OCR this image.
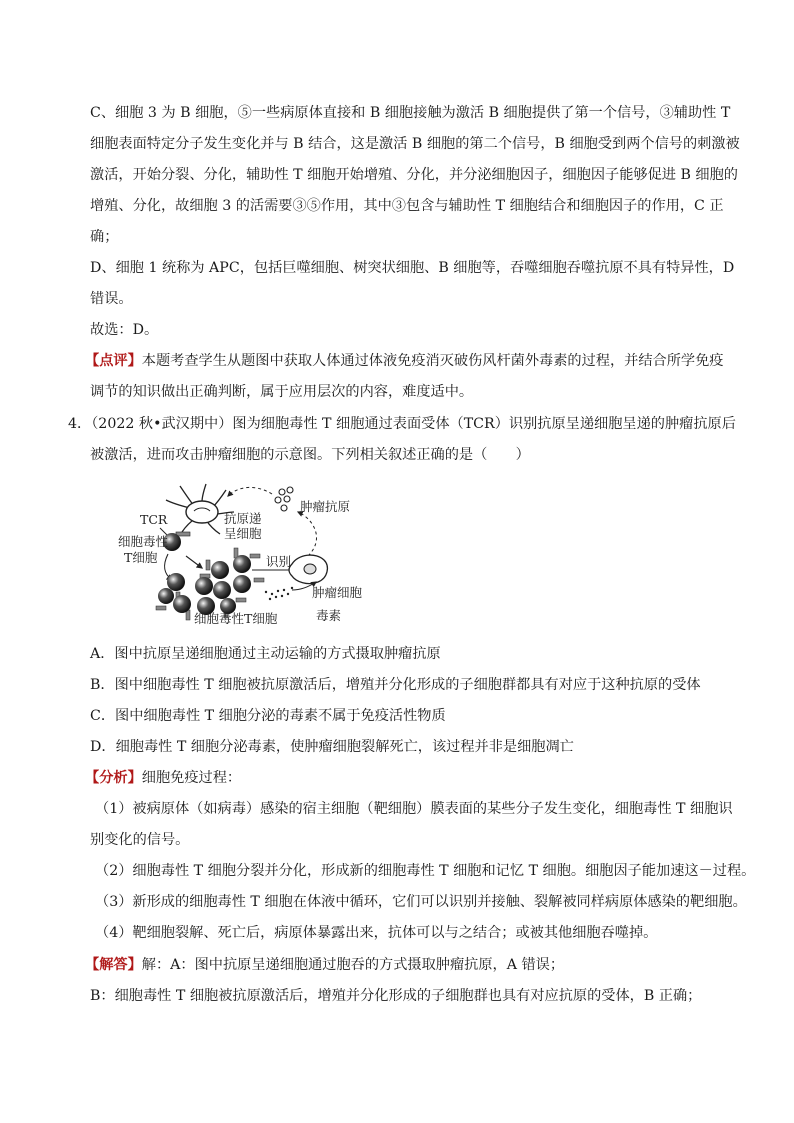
C、细胞 3 为 B 细胞，⑤一些病原体直接和 B 细胞接触为激活 B 细胞提供了第一个信号，③辅助性 T
细胞表面特定分子发生变化并与 B 结合，这是激活 B 细胞的第二个信号，B 细胞受到两个信号的刺激被
激活，开始分裂、分化，辅助性 T 细胞开始增殖、分化，并分泌细胞因子，细胞因子能够促进 B 细胞的
增殖、分化，故细胞 3 的活需要③⑤作用，其中③包含与辅助性 T 细胞结合和细胞因子的作用，C 正
确；
D、细胞 1 统称为 APC，包括巨噬细胞、树突状细胞、B 细胞等，吞噬细胞吞噬抗原不具有特异性，D
错误。
故选：D。
【点评】本题考查学生从题图中获取人体通过体液免疫消灭破伤风杆菌外毒素的过程，并结合所学免疫
调节的知识做出正确判断，属于应用层次的内容，难度适中。
4．（2022 秋•武汉期中）图为细胞毒性 T 细胞通过表面受体（TCR）识别抗原呈递细胞呈递的肿瘤抗原后
被激活，进而攻击肿瘤细胞的示意图。下列相关叙述正确的是（　　）
肿瘤抗原
抗原递
呈细胞
TCR
细胞毒性
T细胞	识别
肿瘤细胞
毒素
细胞毒性T细胞
A．图中抗原呈递细胞通过主动运输的方式摄取肿瘤抗原
B．图中细胞毒性 T 细胞被抗原激活后，增殖并分化形成的子细胞群都具有对应于这种抗原的受体
C．图中细胞毒性 T 细胞分泌的毒素不属于免疫活性物质
D．细胞毒性 T 细胞分泌毒素，使肿瘤细胞裂解死亡，该过程并非是细胞凋亡
【分析】细胞免疫过程：
（1）被病原体（如病毒）感染的宿主细胞（靶细胞）膜表面的某些分子发生变化，细胞毒性 T 细胞识
别变化的信号。
（2）细胞毒性 T 细胞分裂并分化，形成新的细胞毒性 T 细胞和记忆 T 细胞。细胞因子能加速这－过程。
（3）新形成的细胞毒性 T 细胞在体液中循环，它们可以识别并接触、裂解被同样病原体感染的靶细胞。
（4）靶细胞裂解、死亡后，病原体暴露出来，抗体可以与之结合；或被其他细胞吞噬掉。
【解答】解：A：图中抗原呈递细胞通过胞吞的方式摄取肿瘤抗原，A 错误；
B：细胞毒性 T 细胞被抗原激活后，增殖并分化形成的子细胞群也具有对应抗原的受体，B 正确；
